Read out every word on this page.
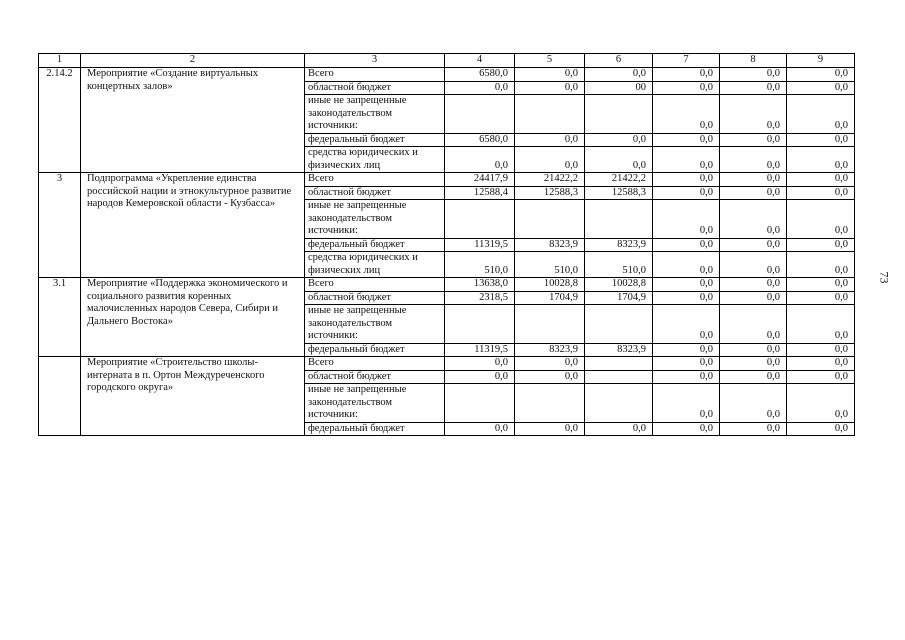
1	2	3	4	5	6	7	8	9
2.14.2	Мероприятие «Создание виртуальных концертных залов»	Всего	6580,0	0,0	0,0	0,0	0,0	0,0
		областной бюджет	0,0	0,0	00	0,0	0,0	0,0
		иные не запрещенные законодательством источники:				0,0	0,0	0,0
		федеральный бюджет	6580,0	0,0	0,0	0,0	0,0	0,0
		средства юридических и физических лиц	0,0	0,0	0,0	0,0	0,0	0,0
3	Подпрограмма «Укрепление единства российской нации и этнокультурное развитие народов Кемеровской области - Кузбасса»	Всего	24417,9	21422,2	21422,2	0,0	0,0	0,0
		областной бюджет	12588,4	12588,3	12588,3	0,0	0,0	0,0
		иные не запрещенные законодательством источники:				0,0	0,0	0,0
		федеральный бюджет	11319,5	8323,9	8323,9	0,0	0,0	0,0
		средства юридических и физических лиц	510,0	510,0	510,0	0,0	0,0	0,0
3.1	Мероприятие «Поддержка экономического и социального развития коренных малочисленных народов Севера, Сибири и Дальнего Востока»	Всего	13638,0	10028,8	10028,8	0,0	0,0	0,0
		областной бюджет	2318,5	1704,9	1704,9	0,0	0,0	0,0
		иные не запрещенные законодательством источники:				0,0	0,0	0,0
		федеральный бюджет	11319,5	8323,9	8323,9	0,0	0,0	0,0
	Мероприятие «Строительство школы-интерната в п. Ортон Междуреченского городского округа»	Всего	0,0	0,0		0,0	0,0	0,0
		областной бюджет	0,0	0,0		0,0	0,0	0,0
		иные не запрещенные законодательством источники:				0,0	0,0	0,0
		федеральный бюджет	0,0	0,0	0,0	0,0	0,0	0,0
73
